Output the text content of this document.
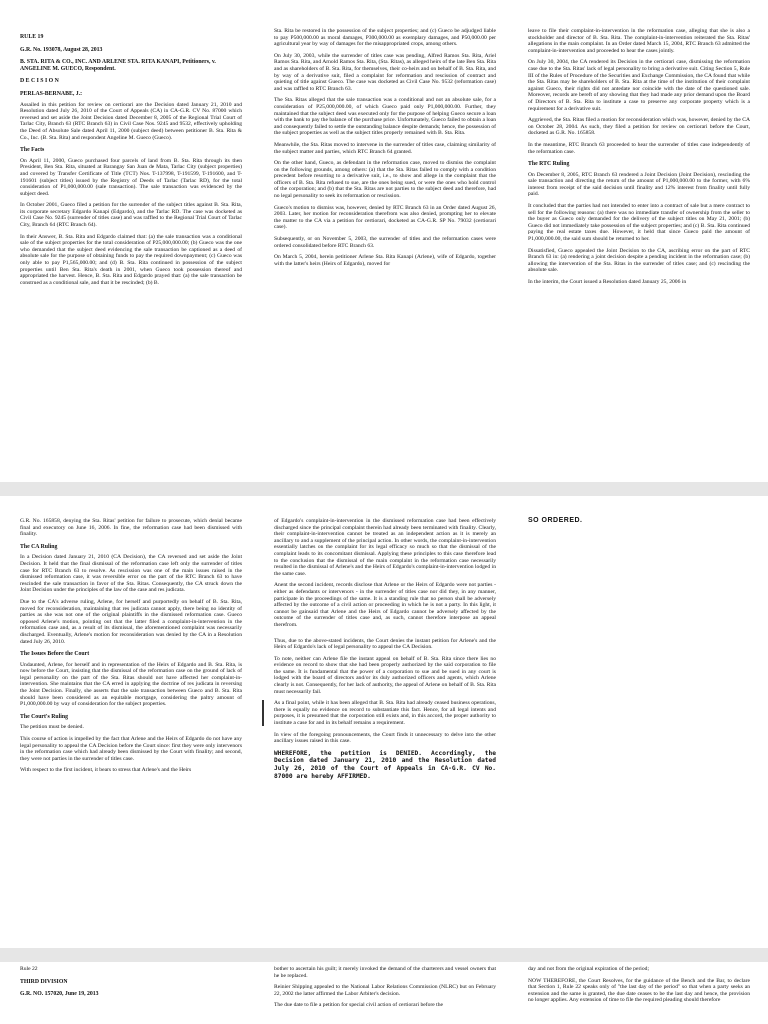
RULE 19
G.R. No. 193078, August 28, 2013
B. STA. RITA & CO., INC. AND ARLENE STA. RITA KANAPI, Petitioners, v. ANGELINE M. GUECO, Respondent.
D E C I S I O N
PERLAS-BERNABE, J.:

Assailed in this petition for review on certiorari are the Decision dated January 21, 2010 and Resolution dated July 26, 2010 of the Court of Appeals (CA) in CA-G.R. CV No. 87000 which reversed and set aside the Joint Decision dated December 8, 2005 of the Regional Trial Court of Tarlac City, Branch 63 (RTC Branch 63) in Civil Case Nos. 9245 and 9532, effectively upholding the Deed of Absolute Sale dated April 11, 2000 (subject deed) between petitioner B. Sta. Rita & Co., Inc. (B. Sta. Rita) and respondent Angeline M. Gueco (Gueco).

The Facts

On April 11, 2000, Gueco purchased four parcels of land from B. Sta. Rita through its then President, Ben Sta. Rita, situated at Barangay San Juan de Mata, Tarlac City (subject properties) and covered by Transfer Certificate of Title (TCT) Nos. T-137998, T-191599, T-191600, and T-191601 (subject titles) issued by the Registry of Deeds of Tarlac (Tarlac RD), for the total consideration of P1,000,000.00 (sale transaction). The sale transaction was evidenced by the subject deed.

In October 2001, Gueco filed a petition for the surrender of the subject titles against B. Sta. Rita, its corporate secretary Edgardo Kanapi (Edgardo), and the Tarlac RD. The case was docketed as Civil Case No. 9245 (surrender of titles case) and was raffled to the Regional Trial Court of Tarlac City, Branch 64 (RTC Branch 64).

In their Answer, B. Sta. Rita and Edgardo claimed that: (a) the sale transaction was a conditional sale of the subject properties for the total consideration of P25,000,000.00; (b) Gueco was the one who demanded that the subject deed evidencing the sale transaction be captioned as a deed of absolute sale for the purpose of obtaining funds to pay the required downpayment; (c) Gueco was only able to pay P1,565,000.00; and (d) B. Sta. Rita continued in possession of the subject properties until Ben Sta. Rita's death in 2001, when Gueco took possession thereof and appropriated the harvest. Hence, B. Sta. Rita and Edgardo prayed that: (a) the sale transaction be construed as a conditional sale, and that it be rescinded; (b) B.

Sta. Rita be restored in the possession of the subject properties; and (c) Gueco be adjudged liable to pay P500,000.00 as moral damages, P300,000.00 as exemplary damages, and P50,000.00 per agricultural year by way of damages for the misappropriated crops, among others.

On July 30, 2003, while the surrender of titles case was pending, Alfred Ramos Sta. Rita, Ariel Ramos Sta. Rita, and Arnold Ramos Sta. Rita, (Sta. Ritas), as alleged heirs of the late Ben Sta. Rita and as shareholders of B. Sta. Rita, for themselves, their co-heirs and on behalf of B. Sta. Rita, and by way of a derivative suit, filed a complaint for reformation and rescission of contract and quieting of title against Gueco. The case was docketed as Civil Case No. 9532 (reformation case) and was raffled to RTC Branch 63.

The Sta. Ritas alleged that the sale transaction was a conditional and not an absolute sale, for a consideration of P25,000,000.00, of which Gueco paid only P1,000,000.00. Further, they maintained that the subject deed was executed only for the purpose of helping Gueco secure a loan with the bank to pay the balance of the purchase price. Unfortunately, Gueco failed to obtain a loan and consequently failed to settle the outstanding balance despite demands; hence, the possession of the subject properties as well as the subject titles properly remained with B. Sta. Rita.

Meanwhile, the Sta. Ritas moved to intervene in the surrender of titles case, claiming similarity of the subject matter and parties, which RTC Branch 64 granted.

On the other hand, Gueco, as defendant in the reformation case, moved to dismiss the complaint on the following grounds, among others: (a) that the Sta. Ritas failed to comply with a condition precedent before resorting to a derivative suit, i.e., to show and allege in the complaint that the officers of B. Sta. Rita refused to sue, are the ones being sued, or were the ones who hold control of the corporation; and (b) that the Sta. Ritas are not parties to the subject deed and therefore, had no legal personality to seek its reformation or rescission.

Gueco's motion to dismiss was, however, denied by RTC Branch 63 in an Order dated August 26, 2003. Later, her motion for reconsideration therefrom was also denied, prompting her to elevate the matter to the CA via a petition for certiorari, docketed as CA-G.R. SP No. 79032 (certiorari case).

Subsequently, or on November 5, 2003, the surrender of titles and the reformation cases were ordered consolidated before RTC Branch 63.

On March 5, 2004, herein petitioner Arlene Sta. Rita Kanapi (Arlene), wife of Edgardo, together with the latter's heirs (Heirs of Edgardo), moved for

leave to file their complaint-in-intervention in the reformation case, alleging that she is also a stockholder and director of B. Sta. Rita. The complaint-in-intervention reiterated the Sta. Ritas' allegations in the main complaint. In an Order dated March 15, 2004, RTC Branch 63 admitted the complaint-in-intervention and proceeded to hear the cases jointly.

On July 30, 2004, the CA rendered its Decision in the certiorari case, dismissing the reformation case due to the Sta. Ritas' lack of legal personality to bring a derivative suit. Citing Section 5, Rule III of the Rules of Procedure of the Securities and Exchange Commission, the CA found that while the Sta. Ritas may be shareholders of B. Sta. Rita at the time of the institution of their complaint against Gueco, their rights did not antedate nor coincide with the date of the questioned sale. Moreover, records are bereft of any showing that they had made any prior demand upon the Board of Directors of B. Sta. Rita to institute a case to preserve any corporate property which is a requirement for a derivative suit.

Aggrieved, the Sta. Ritas filed a motion for reconsideration which was, however, denied by the CA on October 28, 2004. As such, they filed a petition for review on certiorari before the Court, docketed as G.R. No. 165858.

In the meantime, RTC Branch 63 proceeded to hear the surrender of titles case independently of the reformation case.

The RTC Ruling

On December 8, 2005, RTC Branch 63 rendered a Joint Decision (Joint Decision), rescinding the sale transaction and directing the return of the amount of P1,000,000.00 to the former, with 6% interest from receipt of the said decision until finality and 12% interest from finality until fully paid.

It concluded that the parties had not intended to enter into a contract of sale but a mere contract to sell for the following reasons: (a) there was no immediate transfer of ownership from the seller to the buyer as Gueco only demanded for the delivery of the subject titles on May 21, 2001; (b) Gueco did not immediately take possession of the subject properties; and (c) B. Sta. Rita continued paying the real estate taxes due. However, it held that since Gueco paid the amount of P1,000,000.00, the said sum should be returned to her.

Dissatisfied, Gueco appealed the Joint Decision to the CA, ascribing error on the part of RTC Branch 63 in: (a) rendering a joint decision despite a pending incident in the reformation case; (b) allowing the intervention of the Sta. Ritas in the surrender of titles case; and (c) rescinding the absolute sale.

In the interim, the Court issued a Resolution dated January 25, 2006 in

G.R. No. 165858, denying the Sta. Ritas' petition for failure to prosecute, which denial became final and executory on June 16, 2006. In fine, the reformation case had been dismissed with finality.

The CA Ruling

In a Decision dated January 21, 2010 (CA Decision), the CA reversed and set aside the Joint Decision. It held that the final dismissal of the reformation case left only the surrender of titles case for RTC Branch 63 to resolve. As rescission was one of the main issues raised in the dismissed reformation case, it was reversible error on the part of the RTC Branch 63 to have rescinded the sale transaction in favor of the Sta. Ritas. Consequently, the CA struck down the Joint Decision under the principles of the law of the case and res judicata.

Due to the CA's adverse ruling, Arlene, for herself and purportedly on behalf of B. Sta. Rita, moved for reconsideration, maintaining that res judicata cannot apply, there being no identity of parties as she was not one of the original plaintiffs in the dismissed reformation case. Gueco opposed Arlene's motion, pointing out that the latter filed a complaint-in-intervention in the reformation case and, as a result of its dismissal, the aforementioned complaint was necessarily discharged. Eventually, Arlene's motion for reconsideration was denied by the CA in a Resolution dated July 26, 2010.

The Issues Before the Court

Undaunted, Arlene, for herself and in representation of the Heirs of Edgardo and B. Sta. Rita, is now before the Court, insisting that the dismissal of the reformation case on the ground of lack of legal personality on the part of the Sta. Ritas should not have affected her complaint-in-intervention. She maintains that the CA erred in applying the doctrine of res judicata in reversing the Joint Decision. Finally, she asserts that the sale transaction between Gueco and B. Sta. Rita should have been considered as an equitable mortgage, considering the paltry amount of P1,000,000.00 by way of consideration for the subject properties.

The Court's Ruling

The petition must be denied.

This course of action is impelled by the fact that Arlene and the Heirs of Edgardo do not have any legal personality to appeal the CA Decision before the Court since: first they were only intervenors in the reformation case which had already been dismissed by the Court with finality; and second, they were not parties in the surrender of titles case.

With respect to the first incident, it bears to stress that Arlene's and the Heirs

of Edgardo's complaint-in-intervention in the dismissed reformation case had been effectively discharged since the principal complaint therein had already been terminated with finality. Clearly, their complaint-in-intervention cannot be treated as an independent action as it is merely an ancillary to and a supplement of the principal action. In other words, the complaint-in-intervention essentially latches on the complaint for its legal efficacy so much so that the dismissal of the complaint leads to its concomitant dismissal. Applying these principles to this case therefore lead to the conclusion that the dismissal of the main complaint in the reformation case necessarily resulted in the dismissal of Arlene's and the Heirs of Edgardo's complaint-in-intervention lodged in the same case.

Anent the second incident, records disclose that Arlene or the Heirs of Edgardo were not parties - either as defendants or intervenors - in the surrender of titles case nor did they, in any manner, participate in the proceedings of the same. It is a standing rule that no person shall be adversely affected by the outcome of a civil action or proceeding in which he is not a party. In this light, it cannot be gainsaid that Arlene and the Heirs of Edgardo cannot be adversely affected by the outcome of the surrender of titles case and, as such, cannot therefore interpose an appeal therefrom.

Thus, due to the above-stated incidents, the Court denies the instant petition for Arlene's and the Heirs of Edgardo's lack of legal personality to appeal the CA Decision.

To note, neither can Arlene file the instant appeal on behalf of B. Sta. Rita since there lies no evidence on record to show that she had been properly authorized by the said corporation to file the same. It is fundamental that the power of a corporation to sue and be sued in any court is lodged with the board of directors and/or its duly authorized officers and agents, which Arlene clearly is not. Consequently, for her lack of authority, the appeal of Arlene on behalf of B. Sta. Rita must necessarily fail.

As a final point, while it has been alleged that B. Sta. Rita had already ceased business operations, there is equally no evidence on record to substantiate this fact. Hence, for all legal intents and purposes, it is presumed that the corporation still exists and, in this accord, the proper authority to institute a case for and in its behalf remains a requirement.

In view of the foregoing pronouncements, the Court finds it unnecessary to delve into the other ancillary issues raised in this case.

WHEREFORE, the petition is DENIED. Accordingly, the Decision dated January 21, 2010 and the Resolution dated July 26, 2010 of the Court of Appeals in CA-G.R. CV No. 87000 are hereby AFFIRMED.

SO ORDERED.

Rule 22

THIRD DIVISION
G.R. NO. 157020, June 19, 2013

bother to ascertain his guilt; it merely invoked the demand of the charterers and vessel owners that he be replaced.

Reinier Shipping appealed to the National Labor Relations Commission (NLRC) but on February 22, 2002 the latter affirmed the Labor Arbiter's decision.

The due date to file a petition for special civil action of certiorari before the

day and not from the original expiration of the period;

NOW THEREFORE, the Court Resolves, for the guidance of the Bench and the Bar, to declare that Section 1, Rule 22 speaks only of "the last day of the period" so that when a party seeks an extension and the same is granted, the due date ceases to be the last day and hence, the provision no longer applies. Any extension of time to file the required pleading should therefore
